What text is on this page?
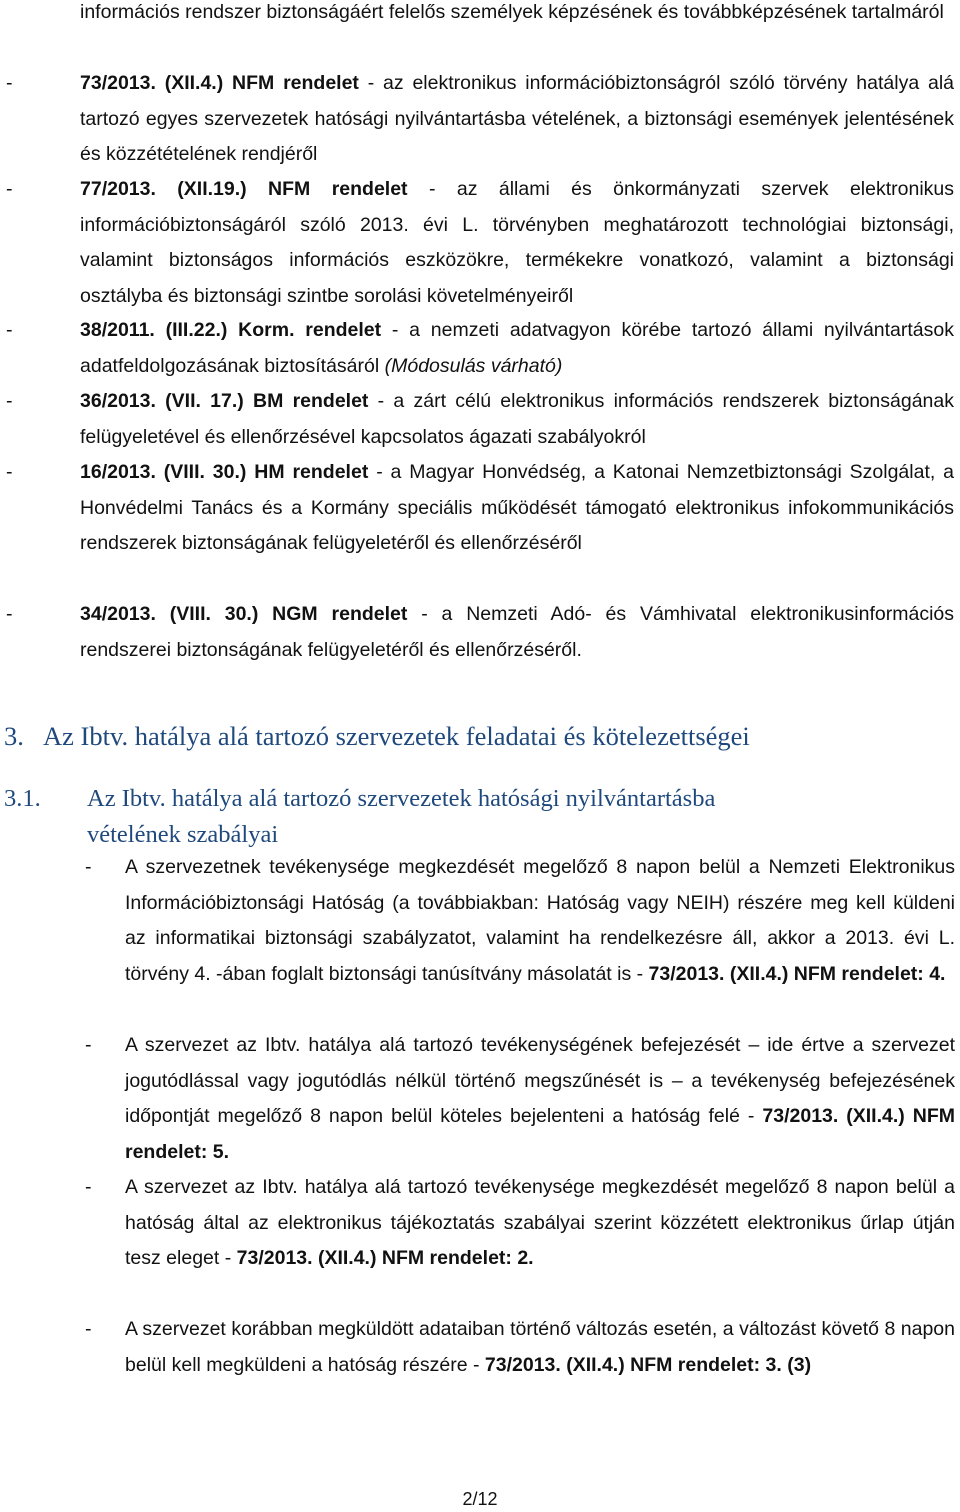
információs rendszer biztonságáért felelős személyek képzésének és továbbképzésének tartalmáról

-	73/2013. (XII.4.) NFM rendelet - az elektronikus információbiztonságról szóló törvény hatálya alá tartozó egyes szervezetek hatósági nyilvántartásba vételének, a biztonsági események jelentésének és közzétételének rendjéről

-	77/2013. (XII.19.) NFM rendelet - az állami és önkormányzati szervek elektronikus információbiztonságáról szóló 2013. évi L. törvényben meghatározott technológiai biztonsági, valamint biztonságos információs eszközökre, termékekre vonatkozó, valamint a biztonsági osztályba és biztonsági szintbe sorolási követelményeiről

-	38/2011. (III.22.) Korm. rendelet - a nemzeti adatvagyon körébe tartozó állami nyilvántartások adatfeldolgozásának biztosításáról (Módosulás várható)

-	36/2013. (VII. 17.) BM rendelet - a zárt célú elektronikus információs rendszerek biztonságának felügyeletével és ellenőrzésével kapcsolatos ágazati szabályokról

-	16/2013. (VIII. 30.) HM rendelet - a Magyar Honvédség, a Katonai Nemzetbiztonsági Szolgálat, a Honvédelmi Tanács és a Kormány speciális működését támogató elektronikus infokommunikációs rendszerek biztonságának felügyeletéről és ellenőrzéséről

-	34/2013. (VIII. 30.) NGM rendelet - a Nemzeti Adó- és Vámhivatal elektronikusinformációs rendszerei biztonságának felügyeletéről és ellenőrzéséről.

3. Az Ibtv. hatálya alá tartozó szervezetek feladatai és kötelezettségei
3.1. Az Ibtv. hatálya alá tartozó szervezetek hatósági nyilvántartásba
vételének szabályai
-	A szervezetnek tevékenysége megkezdését megelőző 8 napon belül a Nemzeti Elektronikus Információbiztonsági Hatóság (a továbbiakban: Hatóság vagy NEIH) részére meg kell küldeni az informatikai biztonsági szabályzatot, valamint ha rendelkezésre áll, akkor a 2013. évi L. törvény 4. -ában foglalt biztonsági tanúsítvány másolatát is - 73/2013. (XII.4.) NFM rendelet: 4.

-	A szervezet az Ibtv. hatálya alá tartozó tevékenységének befejezését – ide értve a szervezet jogutódlással vagy jogutódlás nélkül történő megszűnését is – a tevékenység befejezésének időpontját megelőző 8 napon belül köteles bejelenteni a hatóság felé - 73/2013. (XII.4.) NFM rendelet: 5.

-	A szervezet az Ibtv. hatálya alá tartozó tevékenysége megkezdését megelőző 8 napon belül a hatóság által az elektronikus tájékoztatás szabályai szerint közzétett elektronikus űrlap útján tesz eleget - 73/2013. (XII.4.) NFM rendelet: 2.

-	A szervezet korábban megküldött adataiban történő változás esetén, a változást követő 8 napon belül kell megküldeni a hatóság részére - 73/2013. (XII.4.) NFM rendelet: 3. (3)

2/12
